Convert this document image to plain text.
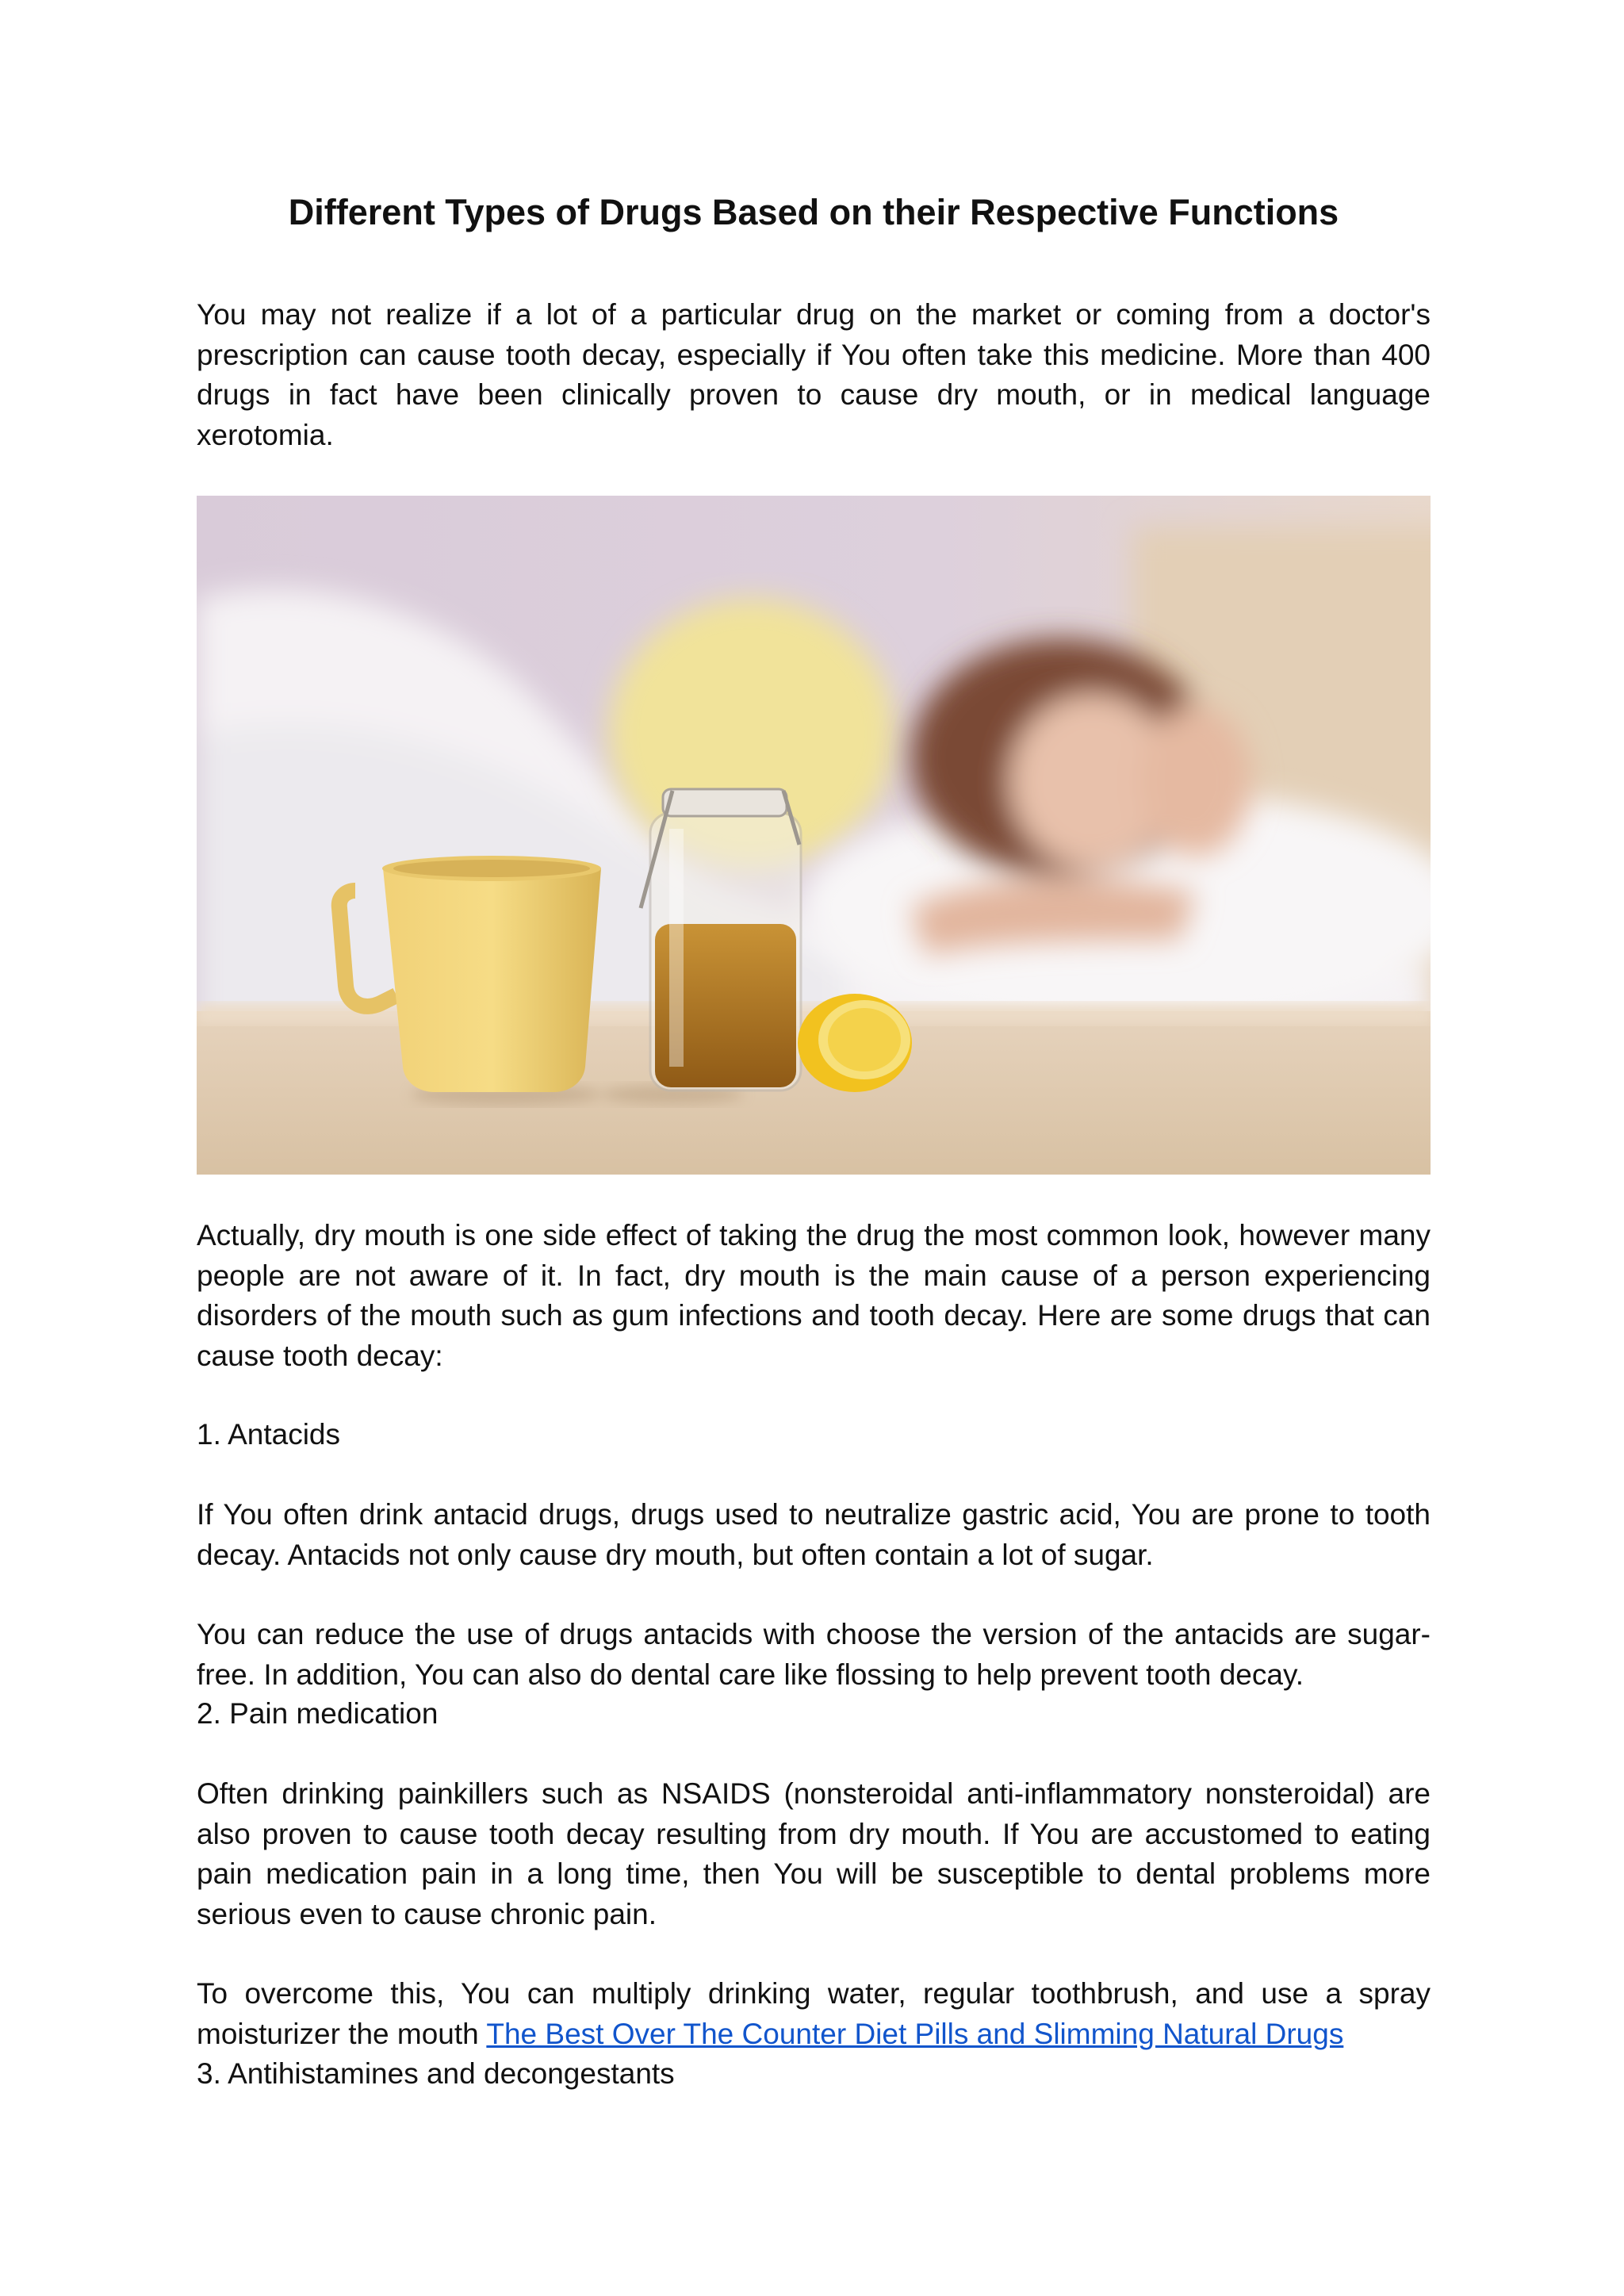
Different Types of Drugs Based on their Respective Functions

You may not realize if a lot of a particular drug on the market or coming from a doctor's prescription can cause tooth decay, especially if You often take this medicine. More than 400 drugs in fact have been clinically proven to cause dry mouth, or in medical language xerotomia.

Actually, dry mouth is one side effect of taking the drug the most common look, however many people are not aware of it. In fact, dry mouth is the main cause of a person experiencing disorders of the mouth such as gum infections and tooth decay. Here are some drugs that can cause tooth decay:

1. Antacids

If You often drink antacid drugs, drugs used to neutralize gastric acid, You are prone to tooth decay. Antacids not only cause dry mouth, but often contain a lot of sugar.

You can reduce the use of drugs antacids with choose the version of the antacids are sugar-free. In addition, You can also do dental care like flossing to help prevent tooth decay.

2. Pain medication

Often drinking painkillers such as NSAIDS (nonsteroidal anti-inflammatory nonsteroidal) are also proven to cause tooth decay resulting from dry mouth. If You are accustomed to eating pain medication pain in a long time, then You will be susceptible to dental problems more serious even to cause chronic pain.

To overcome this, You can multiply drinking water, regular toothbrush, and use a spray moisturizer the mouth The Best Over The Counter Diet Pills and Slimming Natural Drugs

3. Antihistamines and decongestants
